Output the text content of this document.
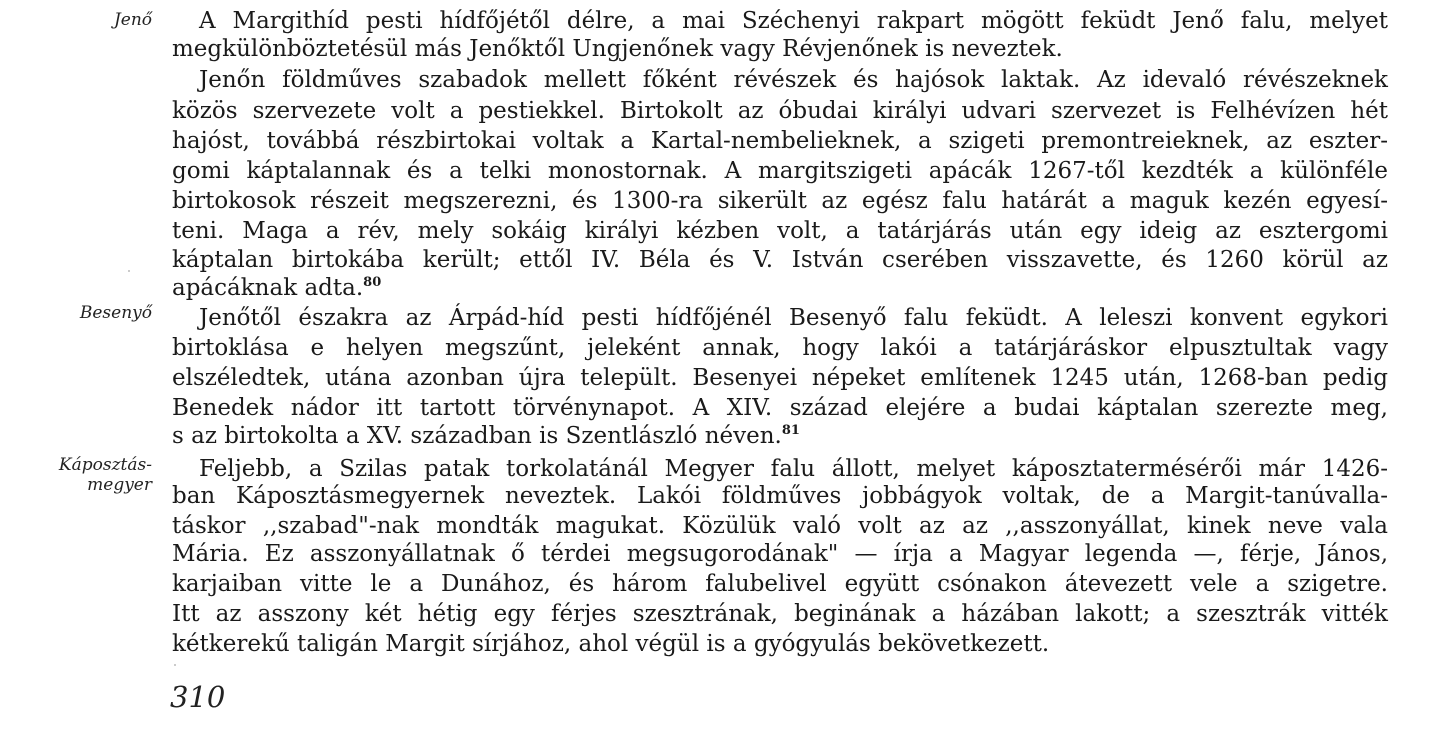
Jenő
Besenyő
Káposztás-
megyer
A Margithíd pesti hídfőjétől délre, a mai Széchenyi rakpart mögött feküdt Jenő falu, melyet
megkülönböztetésül más Jenőktől Ungjenőnek vagy Révjenőnek is neveztek.
Jenőn földműves szabadok mellett főként révészek és hajósok laktak. Az idevaló révészeknek
közös szervezete volt a pestiekkel. Birtokolt az óbudai királyi udvari szervezet is Felhévízen hét
hajóst, továbbá részbirtokai voltak a Kartal-nembelieknek, a szigeti premontreieknek, az eszter-
gomi káptalannak és a telki monostornak. A margitszigeti apácák 1267-től kezdték a különféle
birtokosok részeit megszerezni, és 1300-ra sikerült az egész falu határát a maguk kezén egyesí-
teni. Maga a rév, mely sokáig királyi kézben volt, a tatárjárás után egy ideig az esztergomi
káptalan birtokába került; ettől IV. Béla és V. István cserében visszavette, és 1260 körül az
apácáknak adta.$^{80}$
Jenőtől északra az Árpád-híd pesti hídfőjénél Besenyő falu feküdt. A leleszi konvent egykori
birtoklása e helyen megszűnt, jeleként annak, hogy lakói a tatárjáráskor elpusztultak vagy
elszéledtek, utána azonban újra települt. Besenyei népeket említenek 1245 után, 1268-ban pedig
Benedek nádor itt tartott törvénynapot. A XIV. század elejére a budai káptalan szerezte meg,
s az birtokolta a XV. században is Szentlászló néven.$^{81}$
Feljebb, a Szilas patak torkolatánál Megyer falu állott, melyet káposztatermésérői már 1426-
ban Káposztásmegyernek neveztek. Lakói földműves jobbágyok voltak, de a Margit-tanúvalla-
táskor ,,szabad"-nak mondták magukat. Közülük való volt az az ,,asszonyállat, kinek neve vala
Mária. Ez asszonyállatnak ő térdei megsugorodának" — írja a Magyar legenda —, férje, János,
karjaiban vitte le a Dunához, és három falubelivel együtt csónakon átevezett vele a szigetre.
Itt az asszony két hétig egy férjes szesztrának, beginának a házában lakott; a szesztrák vitték
kétkerekű taligán Margit sírjához, ahol végül is a gyógyulás bekövetkezett.
310
